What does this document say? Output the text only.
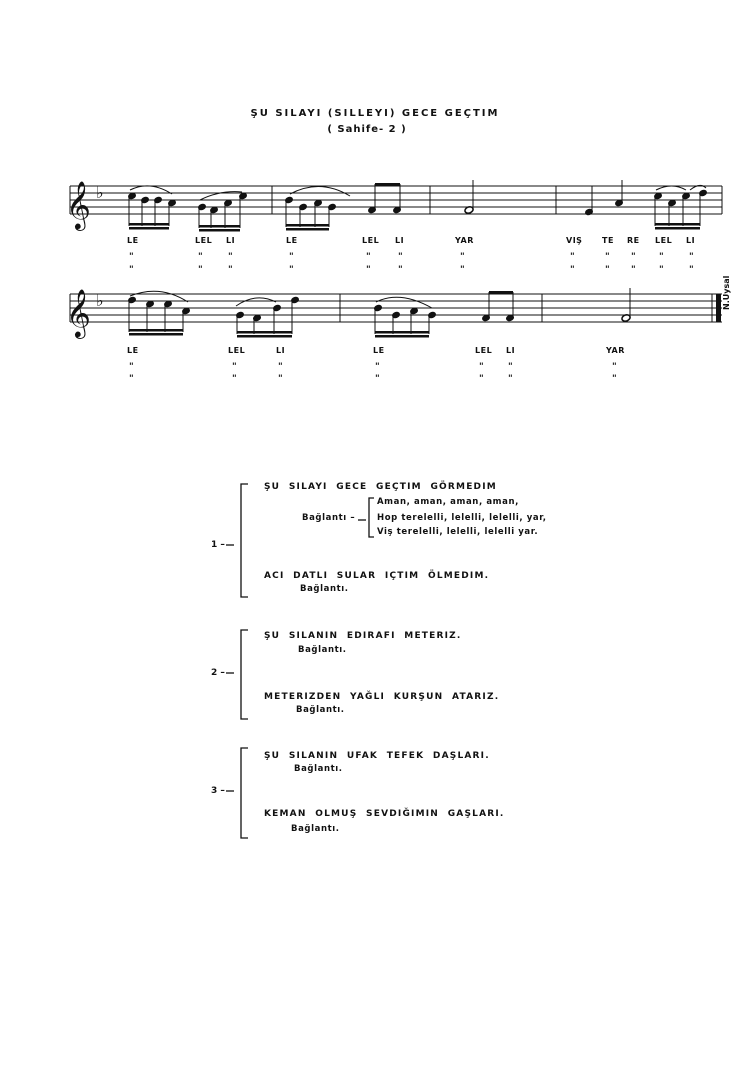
ŞU SILAYI (SILLEYI) GECE GEÇTIM
( Sahife- 2 )
𝄞
𝄞
♭
♭
LE	LEL LI	LE	LEL LI	YAR	VIŞ TE RE LEL LI
"	"	"	"	"	"	"	"	" "	"	"
"	"	"	"	"	"	"	"	" "	"	"
LE	LEL	LI	LE	LEL LI	YAR
"	"	"	"	"	"	"
"	"	"	"	"	"	"
N.Uysal
1 –
ŞU  SILAYI  GECE  GEÇTIM  GÖRMEDIM
Bağlantı –
Aman, aman, aman, aman,
Hop terelelli, lelelli, lelelli, yar,
Viş terelelli, lelelli, lelelli yar.
ACI  DATLI  SULAR  IÇTIM  ÖLMEDIM.
Bağlantı.
2 –
ŞU  SILANIN  EDIRAFI  METERIZ.
Bağlantı.
METERIZDEN  YAĞLI  KURŞUN  ATARIZ.
Bağlantı.
3 –
ŞU  SILANIN  UFAK  TEFEK  DAŞLARI.
Bağlantı.
KEMAN  OLMUŞ  SEVDIĞIMIN  GAŞLARI.
Bağlantı.
